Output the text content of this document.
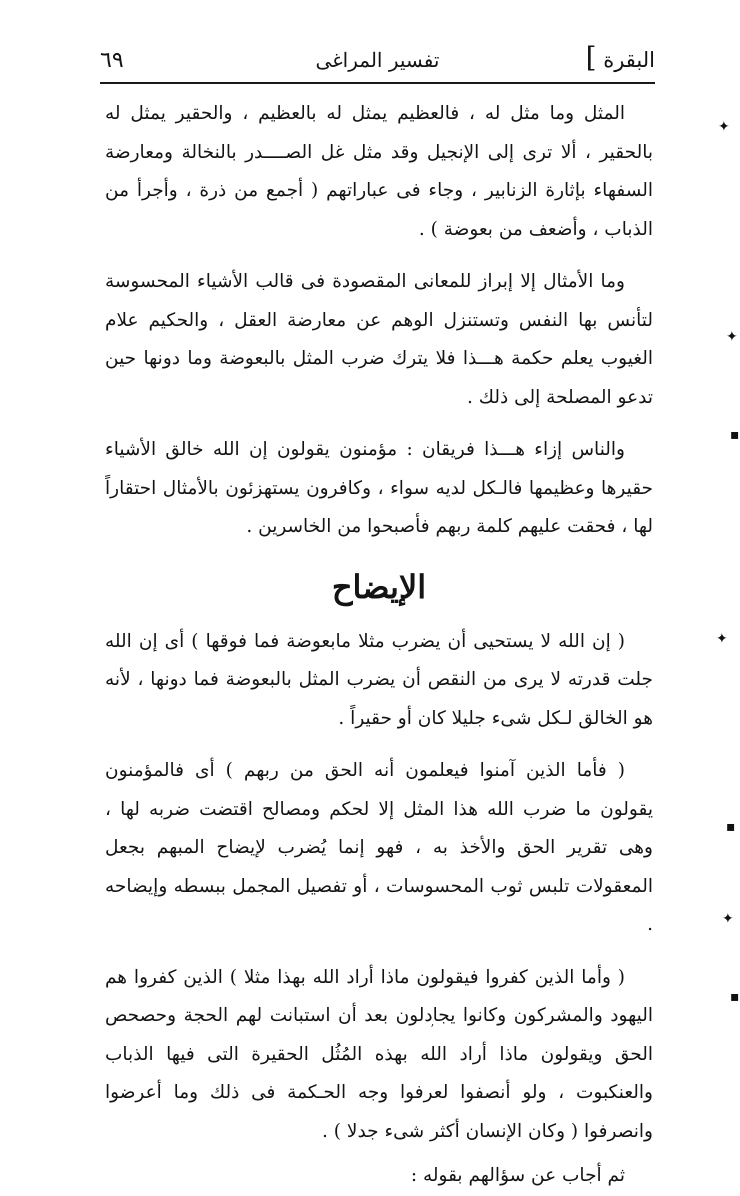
٦٩	تفسير المراغى	البقرة ]

المثل وما مثل له ، فالعظيم يمثل له بالعظيم ، والحقير يمثل له بالحقير ، ألا ترى إلى الإنجيل وقد مثل غل الصــــدر بالنخالة ومعارضة السفهاء بإثارة الزنابير ، وجاء فى عباراتهم ( أجمع من ذرة ، وأجرأ من الذباب ، وأضعف من بعوضة ) .

وما الأمثال إلا إبراز للمعانى المقصودة فى قالب الأشياء المحسوسة لتأنس بها النفس وتستنزل الوهم عن معارضة العقل ، والحكيم علام الغيوب يعلم حكمة هـــذا فلا يترك ضرب المثل بالبعوضة وما دونها حين تدعو المصلحة إلى ذلك .

والناس إزاء هـــذا فريقان : مؤمنون يقولون إن الله خالق الأشياء حقيرها وعظيمها فالـكل لديه سواء ، وكافرون يستهزئون بالأمثال احتقاراً لها ، فحقت عليهم كلمة ربهم فأصبحوا من الخاسرين .

الإيضاح

( إن الله لا يستحيى أن يضرب مثلا مابعوضة فما فوقها ) أى إن الله جلت قدرته لا يرى من النقص أن يضرب المثل بالبعوضة فما دونها ، لأنه هو الخالق لـكل شىء جليلا كان أو حقيراً .

( فأما الذين آمنوا فيعلمون أنه الحق من ربهم ) أى فالمؤمنون يقولون ما ضرب الله هذا المثل إلا لحكم ومصالح اقتضت ضربه لها ، وهى تقرير الحق والأخذ به ، فهو إنما يُضرب لإيضاح المبهم بجعل المعقولات تلبس ثوب المحسوسات ، أو تفصيل المجمل ببسطه وإيضاحه .

( وأما الذين كفروا فيقولون ماذا أراد الله بهذا مثلا ) الذين كفروا هم اليهود والمشركون وكانوا يجادلون بعد أن استبانت لهم الحجة وحصحص الحق ويقولون ماذا أراد الله بهذه المُثُل الحقيرة التى فيها الذباب والعنكبوت ، ولو أنصفوا لعرفوا وجه الحـكمة فى ذلك وما أعرضوا وانصرفوا ( وكان الإنسان أكثر شىء جدلا ) .

ثم أجاب عن سؤالهم بقوله :

✦
✦
▪
✦
▪
✦
▪
ʼ
